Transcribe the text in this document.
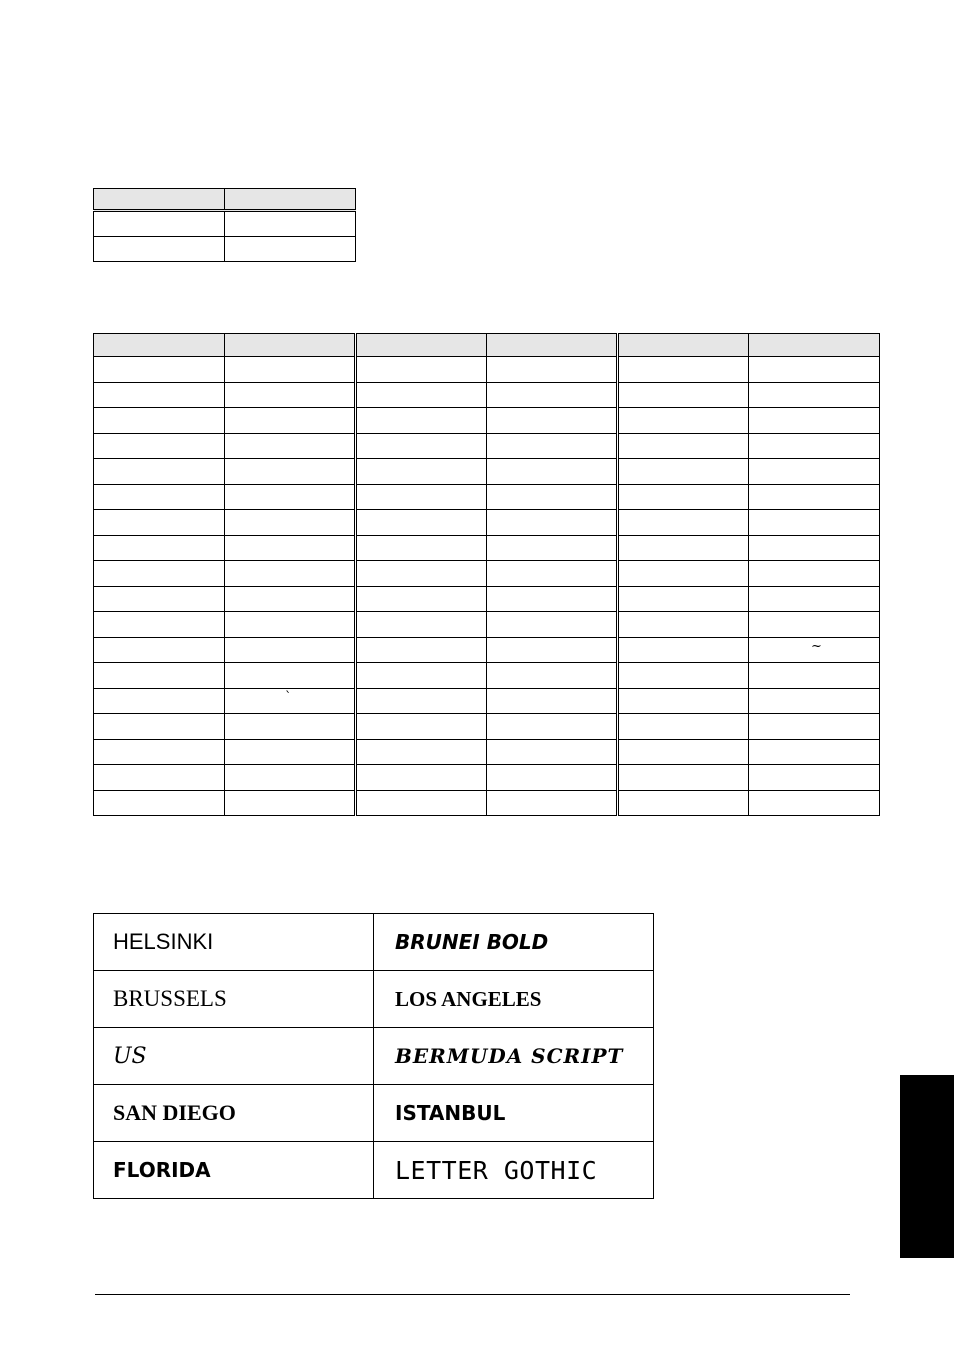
					~

	`				

HELSINKI	BRUNEI BOLD
BRUSSELS	LOS ANGELES
US	BERMUDA SCRIPT
SAN DIEGO	ISTANBUL
FLORIDA	LETTER GOTHIC
